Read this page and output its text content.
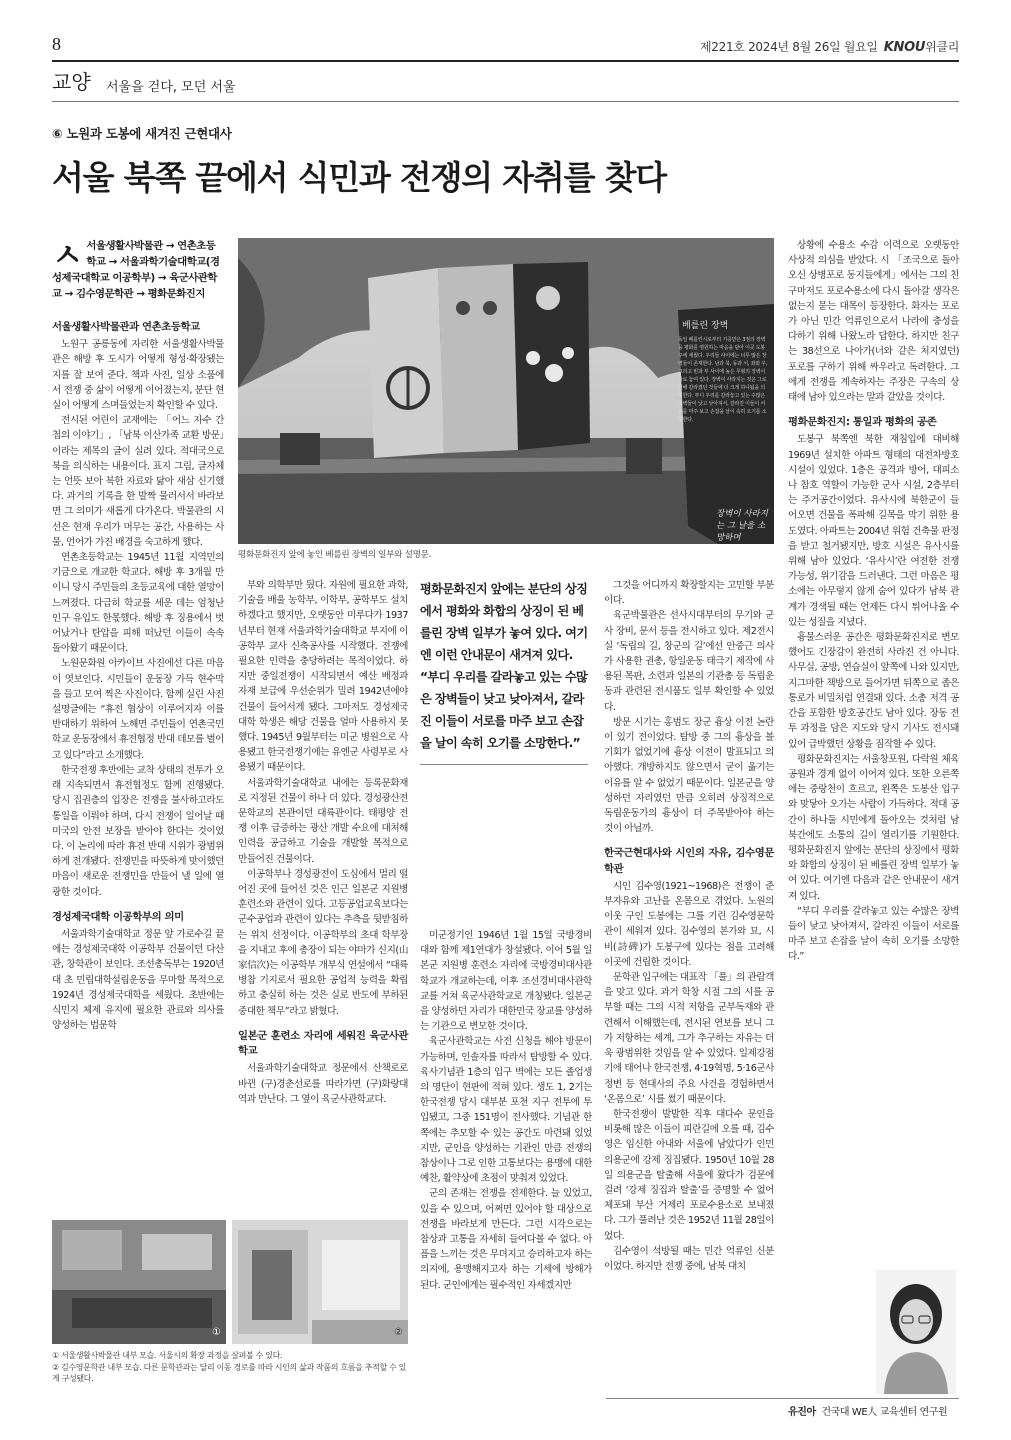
8	제221호 2024년 8월 26일 월요일 KNOU위클리
교양 서울을 걷다, 모던 서울
⑥ 노원과 도봉에 새겨진 근현대사
서울 북쪽 끝에서 식민과 전쟁의 자취를 찾다
ㅅ서울생활사박물관 → 연촌초등학교 → 서울과학기술대학교(경성제국대학교 이공학부) → 육군사관학교 → 김수영문학관 → 평화문화진지
서울생활사박물관과 연촌초등학교

노원구 공릉동에 자리한 서울생활사박물관은 해방 후 도시가 어떻게 형성·확장됐는지를 잘 보여 준다. 책과 사진, 일상 소품에서 전쟁 중 삶이 어떻게 이어졌는지, 분단 현실이 어떻게 스며들었는지 확인할 수 있다.

전시된 어린이 교재에는 「어느 자수 간첩의 이야기」, 「남북 이산가족 교환 방문」이라는 제목의 글이 실려 있다. 적대국으로 북을 의식하는 내용이다. 표지 그림, 글자체는 언뜻 보아 북한 자료와 닮아 새삼 신기했다. 과거의 기록을 한 발짝 물러서서 바라보면 그 의미가 새롭게 다가온다. 박물관의 시선은 현재 우리가 머무는 공간, 사용하는 사물, 언어가 가진 배경을 숙고하게 했다.

연촌초등학교는 1945년 11월 지역민의 기금으로 개교한 학교다. 해방 후 3개월 만이니 당시 주민들의 초등교육에 대한 열망이 느껴졌다. 다급히 학교를 세운 데는 엄청난 인구 유입도 한몫했다. 해방 후 징용에서 벗어났거나 탄압을 피해 떠났던 이들이 속속 돌아왔기 때문이다.

노원문화원 아카이브 사진에선 다른 마음이 엿보인다. 시민들이 운동장 가득 현수막을 들고 모여 찍은 사진이다. 함께 실린 사진 설명글에는 “휴전 협상이 이루어지자 이를 반대하기 위하여 노해면 주민들이 연촌국민학교 운동장에서 휴전협정 반대 데모를 벌이고 있다”라고 소개했다.

한국전쟁 후반에는 교착 상태의 전투가 오래 지속되면서 휴전협정도 함께 진행됐다. 당시 집권층의 입장은 전쟁을 불사하고라도 통일을 이뤄야 하며, 다시 전쟁이 일어날 때 미국의 안전 보장을 받아야 한다는 것이었다. 이 논리에 따라 휴전 반대 시위가 광범위하게 전개됐다. 전쟁민을 따뜻하게 맞이했던 마음이 새로운 전쟁민을 만들어 낼 일에 열광한 것이다.

경성제국대학 이공학부의 의미

서울과학기술대학교 정문 앞 가로수길 끝에는 경성제국대학 이공학부 건물이던 다산관, 창학관이 보인다. 조선총독부는 1920년대 초 민립대학설립운동을 무마할 목적으로 1924년 경성제국대학을 세웠다. 초반에는 식민지 체제 유지에 필요한 관료와 의사를 양성하는 법문학

베를린 장벽
독일 베를린시로부터 기증받은 3점의 장벽을 평화를 염원하는 마음을 담아 이곳 도봉구에 세웠다. 우리들 사이에는 너무 많은 장벽들이 존재한다. 남과 북, 동과 서, 좌와 우, 그리고 빈과 부 사이에 높은 무형의 장벽이 가로 놓여 있다. 장벽이 사라지는 것은 그로 인해 갈라졌던 것들에 더 크게 하나됨을 의미한다. 부디 우리를 갈라놓고 있는 수많은 장벽들이 낮고 낮아져서, 갈라진 이들이 서로를 마주 보고 손잡을 날이 속히 오기를 소망한다.
장벽이 사라지는 그 날을 소망하며
평화문화진지 앞에 놓인 베를린 장벽의 일부와 설명문.

부와 의학부만 뒀다. 자원에 필요한 과학, 기술을 배울 농학부, 이학부, 공학부도 설치하겠다고 했지만, 오랫동안 미루다가 1937년부터 현재 서울과학기술대학교 부지에 이공학부 교사 신축공사를 시작했다. 전쟁에 필요한 인력을 충당하려는 목적이었다. 하지만 중일전쟁이 시작되면서 예산 배정과 자재 보급에 우선순위가 밀려 1942년에야 건물이 들어서게 됐다. 그마저도 경성제국대학 학생은 해당 건물을 얼마 사용하지 못했다. 1945년 9월부터는 미군 병원으로 사용됐고 한국전쟁기에는 유엔군 사령부로 사용됐기 때문이다.

서울과학기술대학교 내에는 등록문화재로 지정된 건물이 하나 더 있다. 경성광산전문학교의 본관이던 대륙관이다. 태평양 전쟁 이후 급증하는 광산 개발 수요에 대처해 인력을 공급하고 기술을 개발할 목적으로 만들어진 건물이다.

이공학부나 경성광전이 도심에서 멀리 떨어진 곳에 들어선 것은 인근 일본군 지원병 훈련소와 관련이 있다. 고등공업교육보다는 군수공업과 관련이 있다는 추측을 뒷받침하는 위치 선정이다. 이공학부의 초대 학부장을 지내고 후에 총장이 되는 야마가 신지(山家信次)는 이공학부 개부식 연설에서 “대륙병참 기지로서 필요한 공업적 능력을 확립하고 충실히 하는 것은 실로 반도에 부하된 중대한 책무”라고 밝혔다.

일본군 훈련소 자리에 세워진 육군사관학교

서울과학기술대학교 정문에서 산책로로 바뀐 (구)경춘선로를 따라가면 (구)화랑대역과 만난다. 그 옆이 육군사관학교다.

평화문화진지 앞에는 분단의 상징에서 평화와 화합의 상징이 된 베를린 장벽 일부가 놓여 있다. 여기엔 이런 안내문이 새겨져 있다. “부디 우리를 갈라놓고 있는 수많은 장벽들이 낮고 낮아져서, 갈라진 이들이 서로를 마주 보고 손잡을 날이 속히 오기를 소망한다.”

미군정기인 1946년 1월 15일 국방경비대와 함께 제1연대가 창설됐다. 이어 5월 일본군 지원병 훈련소 자리에 국방경비대사관학교가 개교하는데, 이후 조선경비대사관학교를 거쳐 육군사관학교로 개칭됐다. 일본군을 양성하던 자리가 대한민국 장교를 양성하는 기관으로 변모한 것이다.

육군사관학교는 사전 신청을 해야 방문이 가능하며, 인솔자를 따라서 탐방할 수 있다. 육사기념관 1층의 입구 벽에는 모든 졸업생의 명단이 현판에 적혀 있다. 생도 1, 2기는 한국전쟁 당시 대부분 포천 지구 전투에 투입됐고, 그중 151명이 전사했다. 기념관 한쪽에는 추모할 수 있는 공간도 마련돼 있었지만, 군인을 양성하는 기관인 만큼 전쟁의 참상이나 그로 인한 고통보다는 용맹에 대한 예찬, 활약상에 초점이 맞춰져 있었다.

군의 존재는 전쟁을 전제한다. 늘 있었고, 있을 수 있으며, 어쩌면 있어야 할 대상으로 전쟁을 바라보게 만든다. 그런 시각으로는 참상과 고통을 자세히 들여다볼 수 없다. 아픔을 느끼는 것은 무뎌지고 승리하고자 하는 의지에, 용맹해지고자 하는 기세에 방해가 된다. 군인에게는 필수적인 자세겠지만

그것을 어디까지 확장할지는 고민할 부분이다.

육군박물관은 선사시대부터의 무기와 군사 장비, 문서 등을 전시하고 있다. 제2전시실 ‘독립의 길, 창군의 길’에선 안중근 의사가 사용한 권총, 항일운동 태극기 제작에 사용된 목판, 소련과 일본의 기관총 등 독립운동과 관련된 전시품도 일부 확인할 수 있었다.

방문 시기는 홍범도 장군 흉상 이전 논란이 있기 전이었다. 탐방 중 그의 흉상을 볼 기회가 없었기에 흉상 이전이 발표되고 의아했다. 개방하지도 않으면서 굳이 옮기는 이유를 알 수 없었기 때문이다. 일본군을 양성하던 자리였던 만큼 오히려 상징적으로 독립운동가의 흉상이 더 주목받아야 하는 것이 아닐까.

한국근현대사와 시인의 자유, 김수영문학관

시인 김수영(1921~1968)은 전쟁이 준 부자유와 고난을 온몸으로 겪었다. 노원의 이웃 구인 도봉에는 그를 기린 김수영문학관이 세워져 있다. 김수영의 본가와 묘, 시비(詩碑)가 도봉구에 있다는 점을 고려해 이곳에 건립한 것이다.

문학관 입구에는 대표작 「풀」의 관람객을 맞고 있다. 과거 학창 시절 그의 시를 공부할 때는 그의 시적 저항을 군부독재와 관련해서 이해했는데, 전시된 연보를 보니 그가 저항하는 세계, 그가 추구하는 자유는 더욱 광범위한 것임을 알 수 있었다. 일제강점기에 태어나 한국전쟁, 4·19혁명, 5·16군사정변 등 현대사의 주요 사건을 경험하면서 ‘온몸으로’ 시를 썼기 때문이다.

한국전쟁이 발발한 직후 대다수 문인을 비롯해 많은 이들이 피란길에 오를 때, 김수영은 임신한 아내와 서울에 남았다가 인민 의용군에 강제 징집됐다. 1950년 10월 28일 의용군을 탈출해 서울에 왔다가 검문에 걸려 ‘강제 징집과 탈출’을 증명할 수 없어 체포돼 부산 거제리 포로수용소로 보내졌다. 그가 풀려난 것은 1952년 11월 28일이었다.

김수영이 석방될 때는 민간 억류인 신분이었다. 하지만 전쟁 중에, 남북 대치

상황에 수용소 수감 이력으로 오랫동안 사상적 의심을 받았다. 시 「조국으로 돌아오신 상병포로 동지들에게」에서는 그의 친구마저도 포로수용소에 다시 돌아갈 생각은 없는지 묻는 대목이 등장한다. 화자는 포로가 아닌 민간 억류인으로서 나라에 충성을 다하기 위해 나왔노라 답한다. 하지만 친구는 38선으로 나아가(너와 같은 처지였던) 포로를 구하기 위해 싸우라고 독려한다. 그에게 전쟁을 계속하자는 주장은 구속의 상태에 남아 있으라는 말과 같았을 것이다.

평화문화진지: 통일과 평화의 공존

도봉구 북쪽엔 북한 재침입에 대비해 1969년 설치한 아파트 형태의 대전차방호시설이 있었다. 1층은 공격과 방어, 대피소나 참호 역할이 가능한 군사 시설, 2층부터는 주거공간이었다. 유사시에 북한군이 들어오면 건물을 폭파해 길목을 막기 위한 용도였다. 아파트는 2004년 위험 건축물 판정을 받고 철거됐지만, 방호 시설은 유사시를 위해 남아 있었다. ‘유사시’란 여전한 전쟁 가능성, 위기감을 드러낸다. 그런 마음은 평소에는 아무렇지 않게 숨어 있다가 남북 관계가 경색될 때는 언제든 다시 튀어나올 수 있는 성질을 지녔다.

흉물스러운 공간은 평화문화진지로 변모했어도 긴장감이 완전히 사라진 건 아니다. 사무실, 공방, 연습실이 앞쪽에 나와 있지만, 지그마한 책방으로 들어가면 뒤쪽으로 좁은 통로가 비밀처럼 연결돼 있다. 소총 저격 공간을 포함한 방호공간도 남아 있다. 장동 전투 과정을 담은 지도와 당시 기사도 전시돼 있어 급박했던 상황을 짐작할 수 있다.

평화문화진지는 서울창포원, 다락원 체육공원과 경계 없이 이어져 있다. 또한 오른쪽에는 중랑천이 흐르고, 왼쪽은 도봉산 입구와 맞닿아 오가는 사람이 가득하다. 적대 공간이 하나둘 시민에게 돌아오는 것처럼 남북간에도 소통의 길이 열리기를 기원한다. 평화문화진지 앞에는 분단의 상징에서 평화와 화합의 상징이 된 베를린 장벽 일부가 놓여 있다. 여기엔 다음과 같은 안내문이 새겨져 있다.

“부디 우리를 갈라놓고 있는 수많은 장벽들이 낮고 낮아져서, 갈라진 이들이 서로를 마주 보고 손잡을 날이 속히 오기를 소망한다.”

①	②
① 서울생활사박물관 내부 모습. 서울시의 확장 과정을 살펴볼 수 있다.
② 김수영문학관 내부 모습. 다른 문학관과는 달리 이동 경로를 따라 시인의 삶과 작품의 흐름을 추적할 수 있게 구성됐다.
유진아 건국대 WE人 교육센터 연구원
